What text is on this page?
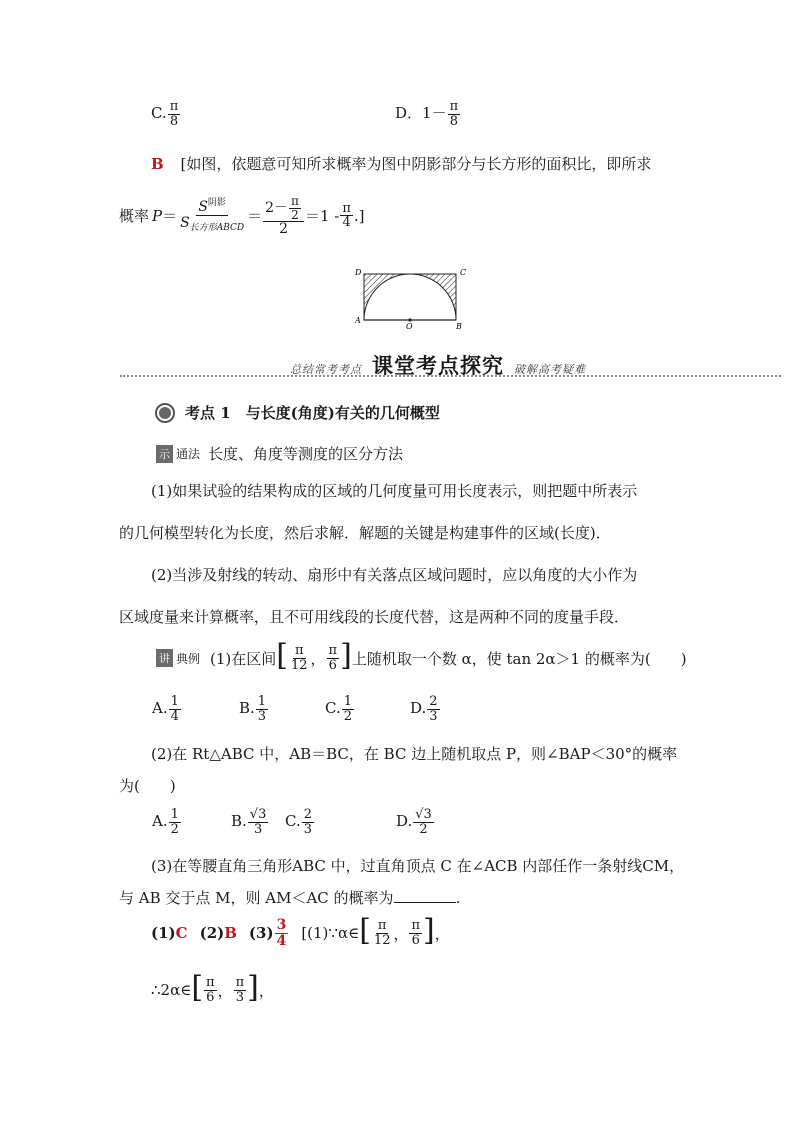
C. $\frac{\pi}{8}$	D．$1- \frac{\pi}{8}$
B [如图，依题意可知所求概率为图中阴影部分与长方形的面积比，即所求
概率 $P = \frac{S^{阴影}}{S_{长方形ABCD}} = \frac{2- \frac{\pi}{2}}{2} =1 - \frac{\pi}{4}$ .]
D	C
A
O	B
总结常考考点 课堂考点探究 破解高考疑难
考点 1　与长度(角度)有关的几何概型
示 通法 长度、角度等测度的区分方法
(1)如果试验的结果构成的区域的几何度量可用长度表示，则把题中所表示
的几何模型转化为长度，然后求解．解题的关键是构建事件的区域(长度)．
(2)当涉及射线的转动、扇形中有关落点区域问题时，应以角度的大小作为
区域度量来计算概率，且不可用线段的长度代替，这是两种不同的度量手段．
讲 典例 (1)在区间 [ $\frac{\pi}{12}$ ， $\frac{\pi}{6}$ ] 上随机取一个数 α，使 tan 2α＞1 的概率为(　　)
A. $\frac{1}{4}$	B. $\frac{1}{3}$	C. $\frac{1}{2}$	D. $\frac{2}{3}$
(2)在 Rt△ABC 中，AB＝BC，在 BC 边上随机取点 P，则∠BAP＜30°的概率
为(　　)
A. $\frac{1}{2}$	B. $\frac{√3}{3} C$. $\frac{2}{3}$	D. $\frac{√3}{2}$
(3)在等腰直角三角形ABC 中，过直角顶点 C 在∠ACB 内部任作一条射线CM，
与 AB 交于点 M，则 AM＜AC 的概率为	.
(1) C (2) B $(3) \frac{3}{4}$ [(1)∵α∈ [ $\frac{\pi}{12}$ ， $\frac{\pi}{6}$ ] ，
∴2α∈ [ $\frac{\pi}{6}$ ， $\frac{\pi}{3}$ ] ，
